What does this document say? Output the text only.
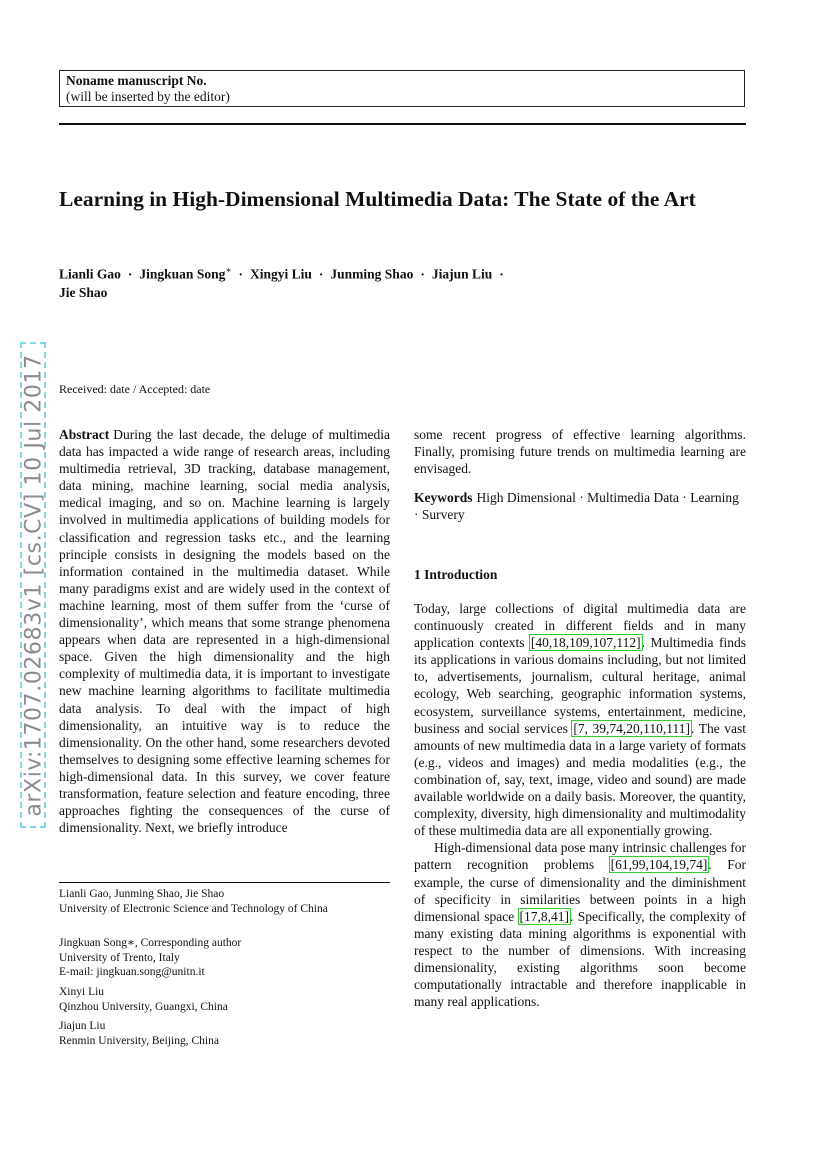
Noname manuscript No.
(will be inserted by the editor)
Learning in High-Dimensional Multimedia Data: The State of the Art
Lianli Gao · Jingkuan Song∗ · Xingyi Liu · Junming Shao · Jiajun Liu ·
Jie Shao
arXiv:1707.02683v1 [cs.CV] 10 Jul 2017 Received: date / Accepted: date
Abstract During the last decade, the deluge of multimedia data has impacted a wide range of research areas, including multimedia retrieval, 3D tracking, database management, data mining, machine learning, social media analysis, medical imaging, and so on. Machine learning is largely involved in multimedia applications of building models for classification and regression tasks etc., and the learning principle consists in designing the models based on the information contained in the multimedia dataset. While many paradigms exist and are widely used in the context of machine learning, most of them suffer from the ‘curse of dimensionality’, which means that some strange phenomena appears when data are represented in a high-dimensional space. Given the high dimensionality and the high complexity of multimedia data, it is important to investigate new machine learning algorithms to facilitate multimedia data analysis. To deal with the impact of high dimensionality, an intuitive way is to reduce the dimensionality. On the other hand, some researchers devoted themselves to designing some effective learning schemes for high-dimensional data. In this survey, we cover feature transformation, feature selection and feature encoding, three approaches fighting the consequences of the curse of dimensionality. Next, we briefly introduce
some recent progress of effective learning algorithms. Finally, promising future trends on multimedia learning are envisaged.
Keywords High Dimensional · Multimedia Data · Learning · Survery
1 Introduction

Today, large collections of digital multimedia data are continuously created in different fields and in many application contexts [40,18,109,107,112]. Multimedia finds its applications in various domains including, but not limited to, advertisements, journalism, cultural heritage, animal ecology, Web searching, geographic information systems, ecosystem, surveillance systems, entertainment, medicine, business and social services [7, 39,74,20,110,111]. The vast amounts of new multimedia data in a large variety of formats (e.g., videos and images) and media modalities (e.g., the combination of, say, text, image, video and sound) are made available worldwide on a daily basis. Moreover, the quantity, complexity, diversity, high dimensionality and multimodality of these multimedia data are all exponentially growing.

High-dimensional data pose many intrinsic challenges for pattern recognition problems [61,99,104,19,74]. For example, the curse of dimensionality and the diminishment of specificity in similarities between points in a high dimensional space [17,8,41]. Specifically, the complexity of many existing data mining algorithms is exponential with respect to the number of dimensions. With increasing dimensionality, existing algorithms soon become computationally intractable and therefore inapplicable in many real applications.

Lianli Gao, Junming Shao, Jie Shao
University of Electronic Science and Technology of China
Jingkuan Song∗, Corresponding author
University of Trento, Italy
E-mail: jingkuan.song@unitn.it
Xinyi Liu
Qinzhou University, Guangxi, China
Jiajun Liu
Renmin University, Beijing, China
